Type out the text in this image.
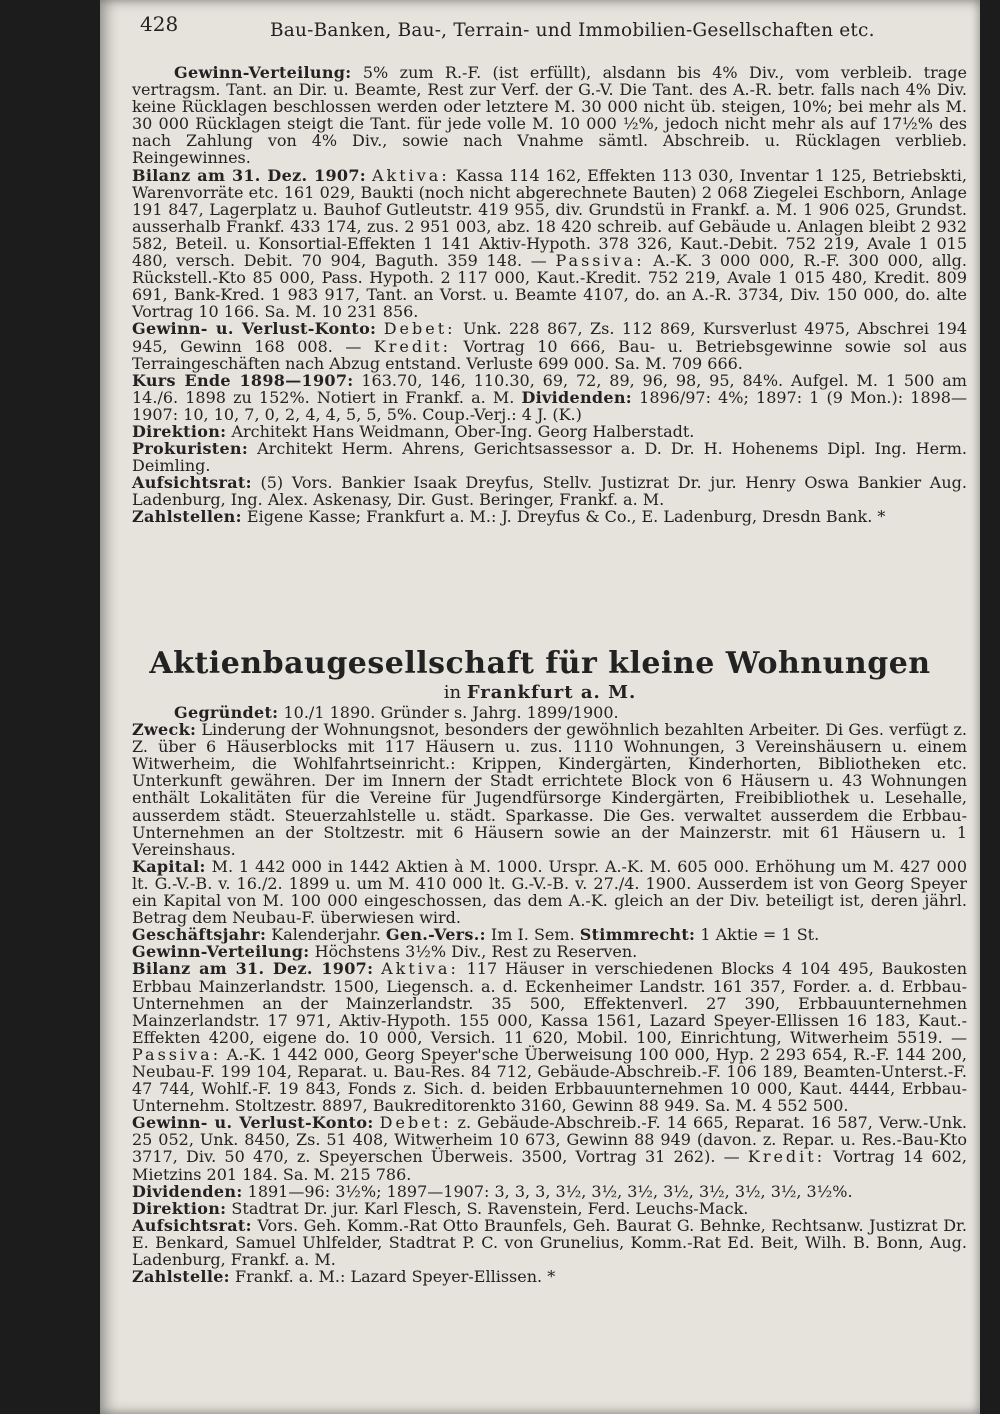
428	Bau-Banken, Bau-, Terrain- und Immobilien-Gesellschaften etc.
Gewinn-Verteilung: 5% zum R.-F. (ist erfüllt), alsdann bis 4% Div., vom verbleib. trage vertragsm. Tant. an Dir. u. Beamte, Rest zur Verf. der G.-V. Die Tant. des A.-R. betr. falls nach 4% Div. keine Rücklagen beschlossen werden oder letztere M. 30 000 nicht üb. steigen, 10%; bei mehr als M. 30 000 Rücklagen steigt die Tant. für jede volle M. 10 000 ½%, jedoch nicht mehr als auf 17½% des nach Zahlung von 4% Div., sowie nach Vnahme sämtl. Abschreib. u. Rücklagen verblieb. Reingewinnes.
Bilanz am 31. Dez. 1907: Aktiva: Kassa 114 162, Effekten 113 030, Inventar 1 125, Betriebskti, Warenvorräte etc. 161 029, Baukti (noch nicht abgerechnete Bauten) 2 068 Ziegelei Eschborn, Anlage 191 847, Lagerplatz u. Bauhof Gutleutstr. 419 955, div. Grundstü in Frankf. a. M. 1 906 025, Grundst. ausserhalb Frankf. 433 174, zus. 2 951 003, abz. 18 420 schreib. auf Gebäude u. Anlagen bleibt 2 932 582, Beteil. u. Konsortial-Effekten 1 141 Aktiv-Hypoth. 378 326, Kaut.-Debit. 752 219, Avale 1 015 480, versch. Debit. 70 904, Baguth. 359 148. — Passiva: A.-K. 3 000 000, R.-F. 300 000, allg. Rückstell.-Kto 85 000, Pass. Hypoth. 2 117 000, Kaut.-Kredit. 752 219, Avale 1 015 480, Kredit. 809 691, Bank-Kred. 1 983 917, Tant. an Vorst. u. Beamte 4107, do. an A.-R. 3734, Div. 150 000, do. alte Vortrag 10 166. Sa. M. 10 231 856.
Gewinn- u. Verlust-Konto: Debet: Unk. 228 867, Zs. 112 869, Kursverlust 4975, Abschrei 194 945, Gewinn 168 008. — Kredit: Vortrag 10 666, Bau- u. Betriebsgewinne sowie sol aus Terraingeschäften nach Abzug entstand. Verluste 699 000. Sa. M. 709 666.
Kurs Ende 1898—1907: 163.70, 146, 110.30, 69, 72, 89, 96, 98, 95, 84%. Aufgel. M. 1 500 am 14./6. 1898 zu 152%. Notiert in Frankf. a. M. Dividenden: 1896/97: 4%; 1897: 1 (9 Mon.): 1898—1907: 10, 10, 7, 0, 2, 4, 4, 5, 5, 5%. Coup.-Verj.: 4 J. (K.)
Direktion: Architekt Hans Weidmann, Ober-Ing. Georg Halberstadt.
Prokuristen: Architekt Herm. Ahrens, Gerichtsassessor a. D. Dr. H. Hohenems Dipl. Ing. Herm. Deimling.
Aufsichtsrat: (5) Vors. Bankier Isaak Dreyfus, Stellv. Justizrat Dr. jur. Henry Oswa Bankier Aug. Ladenburg, Ing. Alex. Askenasy, Dir. Gust. Beringer, Frankf. a. M.
Zahlstellen: Eigene Kasse; Frankfurt a. M.: J. Dreyfus & Co., E. Ladenburg, Dresdn Bank. *
Aktienbaugesellschaft für kleine Wohnungen
in Frankfurt a. M.
Gegründet: 10./1 1890. Gründer s. Jahrg. 1899/1900.
Zweck: Linderung der Wohnungsnot, besonders der gewöhnlich bezahlten Arbeiter. Di Ges. verfügt z. Z. über 6 Häuserblocks mit 117 Häusern u. zus. 1110 Wohnungen, 3 Vereinshäusern u. einem Witwerheim, die Wohlfahrtseinricht.: Krippen, Kindergärten, Kinderhorten, Bibliotheken etc. Unterkunft gewähren. Der im Innern der Stadt errichtete Block von 6 Häusern u. 43 Wohnungen enthält Lokalitäten für die Vereine für Jugendfürsorge Kindergärten, Freibibliothek u. Lesehalle, ausserdem städt. Steuerzahlstelle u. städt. Sparkasse. Die Ges. verwaltet ausserdem die Erbbau-Unternehmen an der Stoltzestr. mit 6 Häusern sowie an der Mainzerstr. mit 61 Häusern u. 1 Vereinshaus.
Kapital: M. 1 442 000 in 1442 Aktien à M. 1000. Urspr. A.-K. M. 605 000. Erhöhung um M. 427 000 lt. G.-V.-B. v. 16./2. 1899 u. um M. 410 000 lt. G.-V.-B. v. 27./4. 1900. Ausserdem ist von Georg Speyer ein Kapital von M. 100 000 eingeschossen, das dem A.-K. gleich an der Div. beteiligt ist, deren jährl. Betrag dem Neubau-F. überwiesen wird.
Geschäftsjahr: Kalenderjahr. Gen.-Vers.: Im I. Sem. Stimmrecht: 1 Aktie = 1 St.
Gewinn-Verteilung: Höchstens 3½% Div., Rest zu Reserven.
Bilanz am 31. Dez. 1907: Aktiva: 117 Häuser in verschiedenen Blocks 4 104 495, Baukosten Erbbau Mainzerlandstr. 1500, Liegensch. a. d. Eckenheimer Landstr. 161 357, Forder. a. d. Erbbau-Unternehmen an der Mainzerlandstr. 35 500, Effektenverl. 27 390, Erbbauunternehmen Mainzerlandstr. 17 971, Aktiv-Hypoth. 155 000, Kassa 1561, Lazard Speyer-Ellissen 16 183, Kaut.-Effekten 4200, eigene do. 10 000, Versich. 11 620, Mobil. 100, Einrichtung, Witwerheim 5519. — Passiva: A.-K. 1 442 000, Georg Speyer'sche Überweisung 100 000, Hyp. 2 293 654, R.-F. 144 200, Neubau-F. 199 104, Reparat. u. Bau-Res. 84 712, Gebäude-Abschreib.-F. 106 189, Beamten-Unterst.-F. 47 744, Wohlf.-F. 19 843, Fonds z. Sich. d. beiden Erbbauunternehmen 10 000, Kaut. 4444, Erbbau-Unternehm. Stoltzestr. 8897, Baukreditorenkto 3160, Gewinn 88 949. Sa. M. 4 552 500.
Gewinn- u. Verlust-Konto: Debet: z. Gebäude-Abschreib.-F. 14 665, Reparat. 16 587, Verw.-Unk. 25 052, Unk. 8450, Zs. 51 408, Witwerheim 10 673, Gewinn 88 949 (davon. z. Repar. u. Res.-Bau-Kto 3717, Div. 50 470, z. Speyerschen Überweis. 3500, Vortrag 31 262). — Kredit: Vortrag 14 602, Mietzins 201 184. Sa. M. 215 786.
Dividenden: 1891—96: 3½%; 1897—1907: 3, 3, 3, 3½, 3½, 3½, 3½, 3½, 3½, 3½, 3½%.
Direktion: Stadtrat Dr. jur. Karl Flesch, S. Ravenstein, Ferd. Leuchs-Mack.
Aufsichtsrat: Vors. Geh. Komm.-Rat Otto Braunfels, Geh. Baurat G. Behnke, Rechtsanw. Justizrat Dr. E. Benkard, Samuel Uhlfelder, Stadtrat P. C. von Grunelius, Komm.-Rat Ed. Beit, Wilh. B. Bonn, Aug. Ladenburg, Frankf. a. M.
Zahlstelle: Frankf. a. M.: Lazard Speyer-Ellissen. *
